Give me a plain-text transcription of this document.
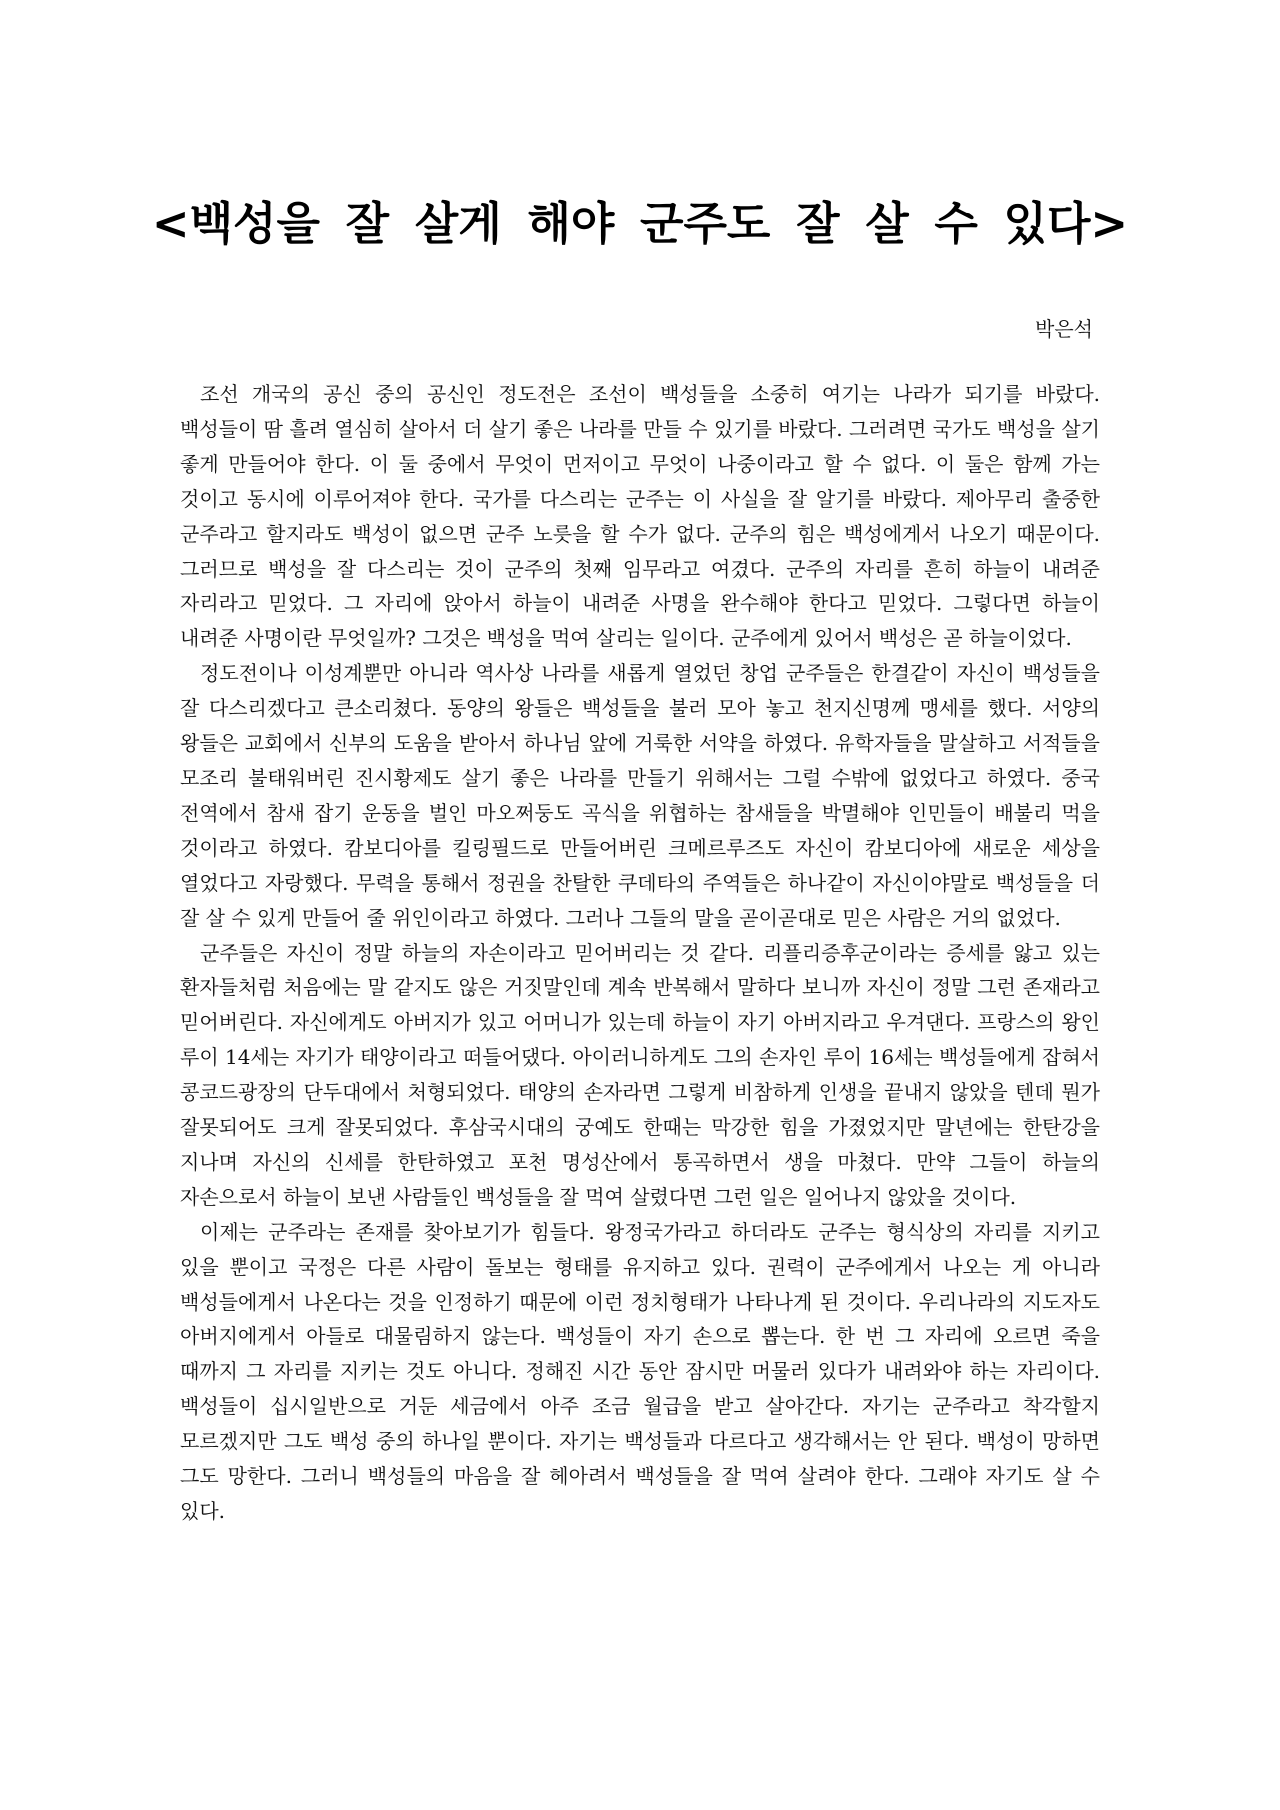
<백성을 잘 살게 해야 군주도 잘 살 수 있다>
박은석

조선 개국의 공신 중의 공신인 정도전은 조선이 백성들을 소중히 여기는 나라가 되기를 바랐다. 백성들이 땀 흘려 열심히 살아서 더 살기 좋은 나라를 만들 수 있기를 바랐다. 그러려면 국가도 백성을 살기 좋게 만들어야 한다. 이 둘 중에서 무엇이 먼저이고 무엇이 나중이라고 할 수 없다. 이 둘은 함께 가는 것이고 동시에 이루어져야 한다. 국가를 다스리는 군주는 이 사실을 잘 알기를 바랐다. 제아무리 출중한 군주라고 할지라도 백성이 없으면 군주 노릇을 할 수가 없다. 군주의 힘은 백성에게서 나오기 때문이다. 그러므로 백성을 잘 다스리는 것이 군주의 첫째 임무라고 여겼다. 군주의 자리를 흔히 하늘이 내려준 자리라고 믿었다. 그 자리에 앉아서 하늘이 내려준 사명을 완수해야 한다고 믿었다. 그렇다면 하늘이 내려준 사명이란 무엇일까? 그것은 백성을 먹여 살리는 일이다. 군주에게 있어서 백성은 곧 하늘이었다.

정도전이나 이성계뿐만 아니라 역사상 나라를 새롭게 열었던 창업 군주들은 한결같이 자신이 백성들을 잘 다스리겠다고 큰소리쳤다. 동양의 왕들은 백성들을 불러 모아 놓고 천지신명께 맹세를 했다. 서양의 왕들은 교회에서 신부의 도움을 받아서 하나님 앞에 거룩한 서약을 하였다. 유학자들을 말살하고 서적들을 모조리 불태워버린 진시황제도 살기 좋은 나라를 만들기 위해서는 그럴 수밖에 없었다고 하였다. 중국 전역에서 참새 잡기 운동을 벌인 마오쩌둥도 곡식을 위협하는 참새들을 박멸해야 인민들이 배불리 먹을 것이라고 하였다. 캄보디아를 킬링필드로 만들어버린 크메르루즈도 자신이 캄보디아에 새로운 세상을 열었다고 자랑했다. 무력을 통해서 정권을 찬탈한 쿠데타의 주역들은 하나같이 자신이야말로 백성들을 더 잘 살 수 있게 만들어 줄 위인이라고 하였다. 그러나 그들의 말을 곧이곧대로 믿은 사람은 거의 없었다.

군주들은 자신이 정말 하늘의 자손이라고 믿어버리는 것 같다. 리플리증후군이라는 증세를 앓고 있는 환자들처럼 처음에는 말 같지도 않은 거짓말인데 계속 반복해서 말하다 보니까 자신이 정말 그런 존재라고 믿어버린다. 자신에게도 아버지가 있고 어머니가 있는데 하늘이 자기 아버지라고 우겨댄다. 프랑스의 왕인 루이 14세는 자기가 태양이라고 떠들어댔다. 아이러니하게도 그의 손자인 루이 16세는 백성들에게 잡혀서 콩코드광장의 단두대에서 처형되었다. 태양의 손자라면 그렇게 비참하게 인생을 끝내지 않았을 텐데 뭔가 잘못되어도 크게 잘못되었다. 후삼국시대의 궁예도 한때는 막강한 힘을 가졌었지만 말년에는 한탄강을 지나며 자신의 신세를 한탄하였고 포천 명성산에서 통곡하면서 생을 마쳤다. 만약 그들이 하늘의 자손으로서 하늘이 보낸 사람들인 백성들을 잘 먹여 살렸다면 그런 일은 일어나지 않았을 것이다.

이제는 군주라는 존재를 찾아보기가 힘들다. 왕정국가라고 하더라도 군주는 형식상의 자리를 지키고 있을 뿐이고 국정은 다른 사람이 돌보는 형태를 유지하고 있다. 권력이 군주에게서 나오는 게 아니라 백성들에게서 나온다는 것을 인정하기 때문에 이런 정치형태가 나타나게 된 것이다. 우리나라의 지도자도 아버지에게서 아들로 대물림하지 않는다. 백성들이 자기 손으로 뽑는다. 한 번 그 자리에 오르면 죽을 때까지 그 자리를 지키는 것도 아니다. 정해진 시간 동안 잠시만 머물러 있다가 내려와야 하는 자리이다. 백성들이 십시일반으로 거둔 세금에서 아주 조금 월급을 받고 살아간다. 자기는 군주라고 착각할지 모르겠지만 그도 백성 중의 하나일 뿐이다. 자기는 백성들과 다르다고 생각해서는 안 된다. 백성이 망하면 그도 망한다. 그러니 백성들의 마음을 잘 헤아려서 백성들을 잘 먹여 살려야 한다. 그래야 자기도 살 수 있다.
